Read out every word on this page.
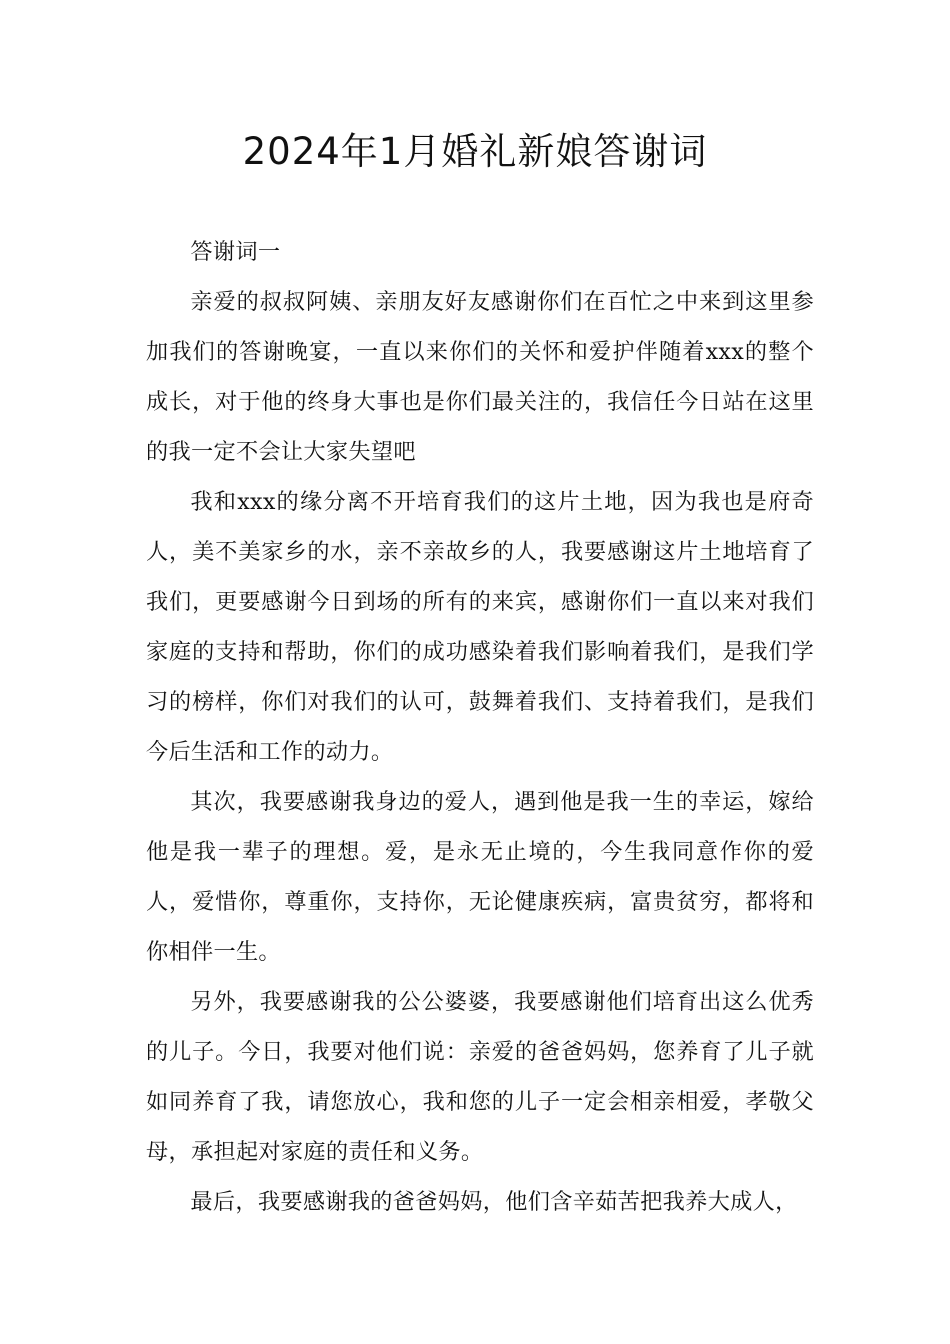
2024年1月婚礼新娘答谢词

答谢词一

亲爱的叔叔阿姨、亲朋友好友感谢你们在百忙之中来到这里参加我们的答谢晚宴，一直以来你们的关怀和爱护伴随着xxx的整个成长，对于他的终身大事也是你们最关注的，我信任今日站在这里的我一定不会让大家失望吧

我和xxx的缘分离不开培育我们的这片土地，因为我也是府奇人，美不美家乡的水，亲不亲故乡的人，我要感谢这片土地培育了我们，更要感谢今日到场的所有的来宾，感谢你们一直以来对我们家庭的支持和帮助，你们的成功感染着我们影响着我们，是我们学习的榜样，你们对我们的认可，鼓舞着我们、支持着我们，是我们今后生活和工作的动力。

其次，我要感谢我身边的爱人，遇到他是我一生的幸运，嫁给他是我一辈子的理想。爱，是永无止境的，今生我同意作你的爱人，爱惜你，尊重你，支持你，无论健康疾病，富贵贫穷，都将和你相伴一生。

另外，我要感谢我的公公婆婆，我要感谢他们培育出这么优秀的儿子。今日，我要对他们说：亲爱的爸爸妈妈，您养育了儿子就如同养育了我，请您放心，我和您的儿子一定会相亲相爱，孝敬父母，承担起对家庭的责任和义务。

最后，我要感谢我的爸爸妈妈，他们含辛茹苦把我养大成人，
